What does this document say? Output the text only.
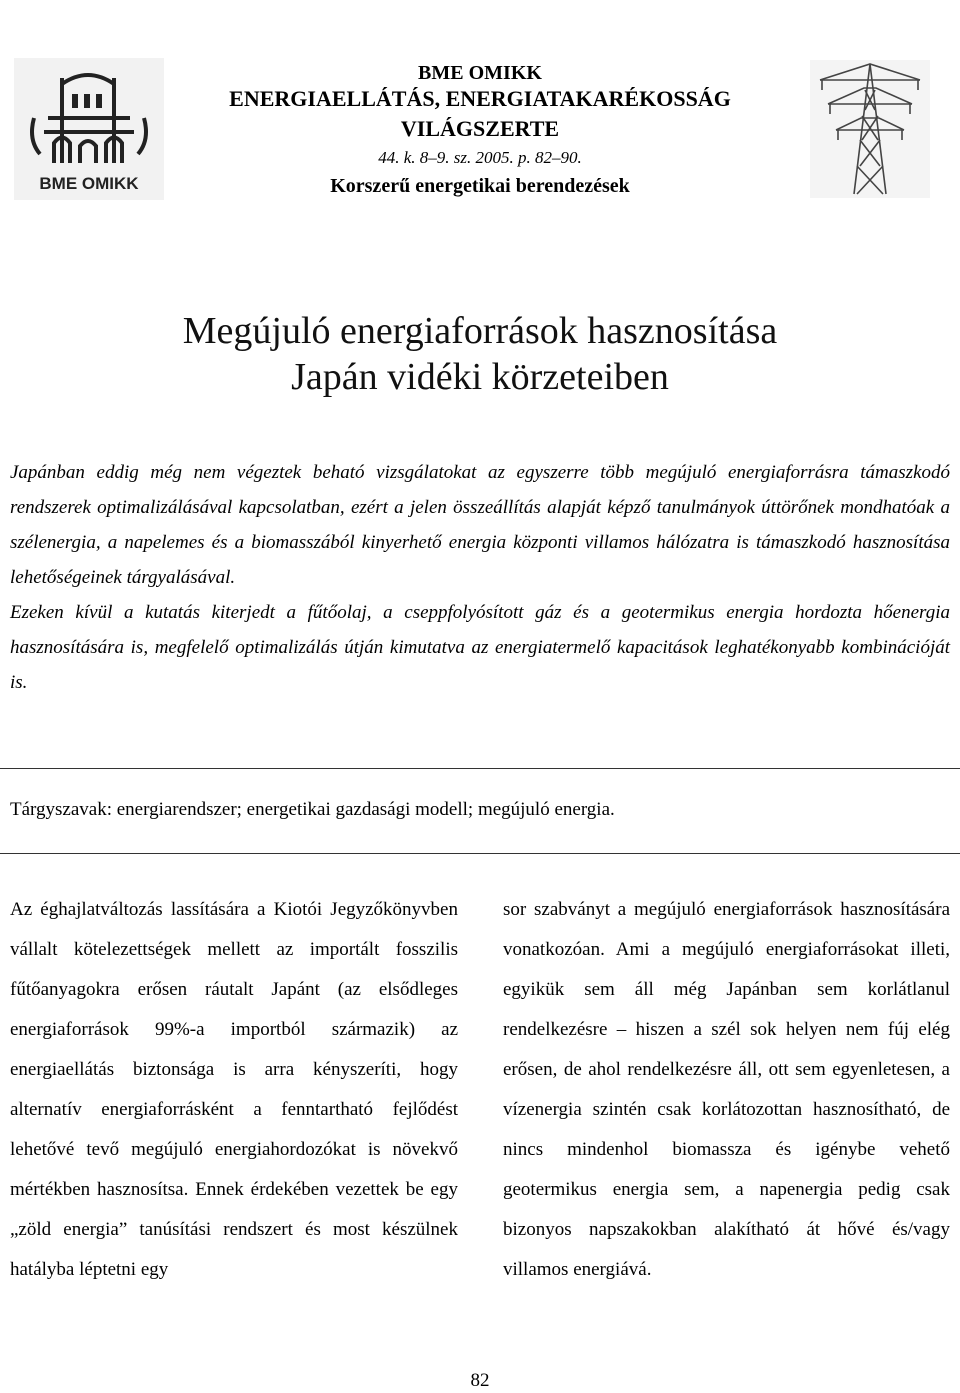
BME OMIKK
BME OMIKK
ENERGIAELLÁTÁS, ENERGIATAKARÉKOSSÁG
VILÁGSZERTE
44. k. 8–9. sz. 2005. p. 82–90.
Korszerű energetikai berendezések
Megújuló energiaforrások hasznosítása
Japán vidéki körzeteiben

Japánban eddig még nem végeztek beható vizsgálatokat az egyszerre több megújuló energiaforrásra támaszkodó rendszerek optimalizálásával kapcsolatban, ezért a jelen összeállítás alapját képző tanulmányok úttörőnek mondhatóak a szélenergia, a napelemes és a biomasszából kinyerhető energia központi villamos hálózatra is támaszkodó hasznosítása lehetőségeinek tárgyalásával.

Ezeken kívül a kutatás kiterjedt a fűtőolaj, a cseppfolyósított gáz és a geotermikus energia hordozta hőenergia hasznosítására is, megfelelő optimalizálás útján kimutatva az energiatermelő kapacitások leghatékonyabb kombinációját is.

Tárgyszavak: energiarendszer; energetikai gazdasági modell; megújuló energia.
Az éghajlatváltozás lassítására a Kiotói Jegyzőkönyvben vállalt kötelezettségek mellett az importált fosszilis fűtőanyagokra erősen ráutalt Japánt (az elsődleges energiaforrások 99%-a importból származik) az energiaellátás biztonsága is arra kényszeríti, hogy alternatív energiaforrásként a fenntartható fejlődést lehetővé tevő megújuló energiahordozókat is növekvő mértékben hasznosítsa. Ennek érdekében vezettek be egy „zöld energia” tanúsítási rendszert és most készülnek hatályba léptetni egy
sor szabványt a megújuló energiaforrások hasznosítására vonatkozóan. Ami a megújuló energiaforrásokat illeti, egyikük sem áll még Japánban sem korlátlanul rendelkezésre – hiszen a szél sok helyen nem fúj elég erősen, de ahol rendelkezésre áll, ott sem egyenletesen, a vízenergia szintén csak korlátozottan hasznosítható, de nincs mindenhol biomassza és igénybe vehető geotermikus energia sem, a napenergia pedig csak bizonyos napszakokban alakítható át hővé és/vagy villamos energiává.
82
